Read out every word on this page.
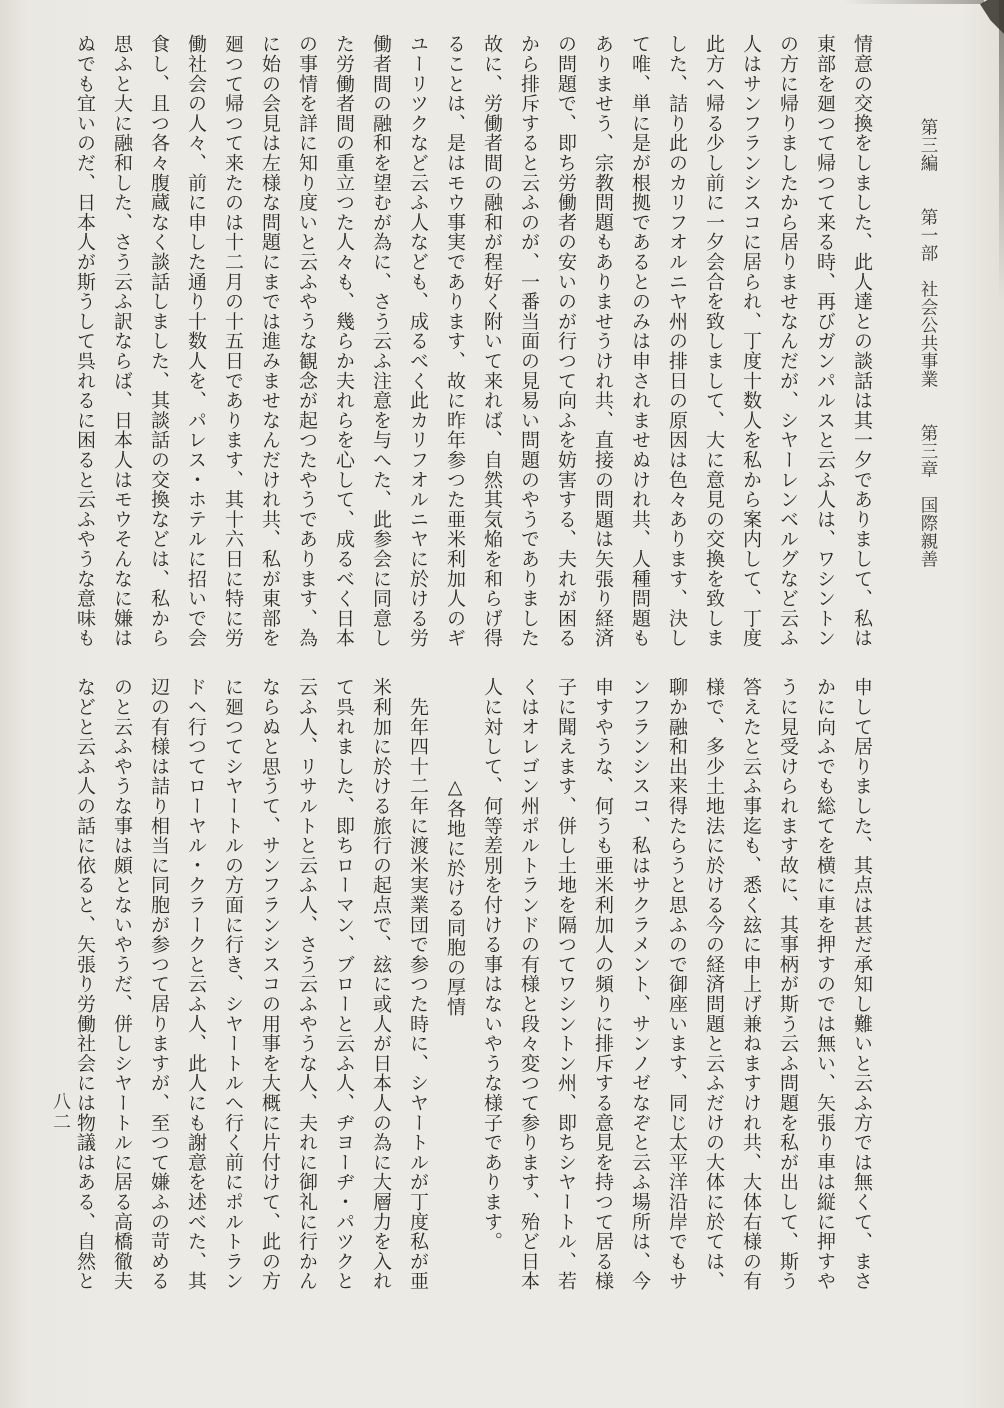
第三編　　第一部　社会公共事業　　第三章　国際親善
情意の交換をしました、此人達との談話は其一夕でありまして、私は
東部を廻つて帰つて来る時、再びガンパルスと云ふ人は、ワシントン
の方に帰りましたから居りませなんだが、シヤーレンベルグなど云ふ
人はサンフランシスコに居られ、丁度十数人を私から案内して、丁度
此方へ帰る少し前に一夕会合を致しまして、大に意見の交換を致しま
した、詰り此のカリフオルニヤ州の排日の原因は色々あります、決し
て唯、単に是が根拠であるとのみは申されませぬけれ共、人種問題も
ありませう、宗教問題もありませうけれ共、直接の問題は矢張り経済
の問題で、即ち労働者の安いのが行つて向ふを妨害する、夫れが困る
から排斥すると云ふのが、一番当面の見易い問題のやうでありました
故に、労働者間の融和が程好く附いて来れば、自然其気焔を和らげ得
ることは、是はモウ事実であります、故に昨年参つた亜米利加人のギ
ユーリツクなど云ふ人なども、成るべく此カリフオルニヤに於ける労
働者間の融和を望むが為に、さう云ふ注意を与へた、此参会に同意し
た労働者間の重立つた人々も、幾らか夫れらを心して、成るべく日本
の事情を詳に知り度いと云ふやうな観念が起つたやうであります、為
に始の会見は左様な問題にまでは進みませなんだけれ共、私が東部を
廻つて帰つて来たのは十二月の十五日であります、其十六日に特に労
働社会の人々、前に申した通り十数人を、パレス・ホテルに招いで会
食し、且つ各々腹蔵なく談話しました、其談話の交換などは、私から
思ふと大に融和した、さう云ふ訳ならば、日本人はモウそんなに嫌は
ぬでも宜いのだ、日本人が斯うして呉れるに困ると云ふやうな意味も
申して居りました、其点は甚だ承知し難いと云ふ方では無くて、まさ
かに向ふでも総てを横に車を押すのでは無い、矢張り車は縦に押すや
うに見受けられます故に、其事柄が斯う云ふ問題を私が出して、斯う
答えたと云ふ事迄も、悉く玆に申上げ兼ねますけれ共、大体右様の有
様で、多少土地法に於ける今の経済問題と云ふだけの大体に於ては、
聊か融和出来得たらうと思ふので御座います、同じ太平洋沿岸でもサ
ンフランシスコ、私はサクラメント、サンノゼなぞと云ふ場所は、今
申すやうな、何うも亜米利加人の頻りに排斥する意見を持つて居る様
子に聞えます、併し土地を隔つてワシントン州、即ちシヤートル、若
くはオレゴン州ポルトランドの有様と段々変つて参ります、殆ど日本
人に対して、何等差別を付ける事はないやうな様子であります。
　　　　　△各地に於ける同胞の厚情
　先年四十二年に渡米実業団で参つた時に、シヤートルが丁度私が亜
米利加に於ける旅行の起点で、玆に或人が日本人の為に大層力を入れ
て呉れました、即ちローマン、ブローと云ふ人、ヂヨーヂ・パツクと
云ふ人、リサルトと云ふ人、さう云ふやうな人、夫れに御礼に行かん
ならぬと思うて、サンフランシスコの用事を大概に片付けて、此の方
に廻つてシヤートルの方面に行き、シヤートルへ行く前にポルトラン
ドヘ行つてローヤル・クラークと云ふ人、此人にも謝意を述べた、其
辺の有様は詰り相当に同胞が参つて居りますが、至つて嫌ふの苛める
のと云ふやうな事は頗とないやうだ、併しシヤートルに居る高橋徹夫
などと云ふ人の話に依ると、矢張り労働社会には物議はある、自然と
八二
